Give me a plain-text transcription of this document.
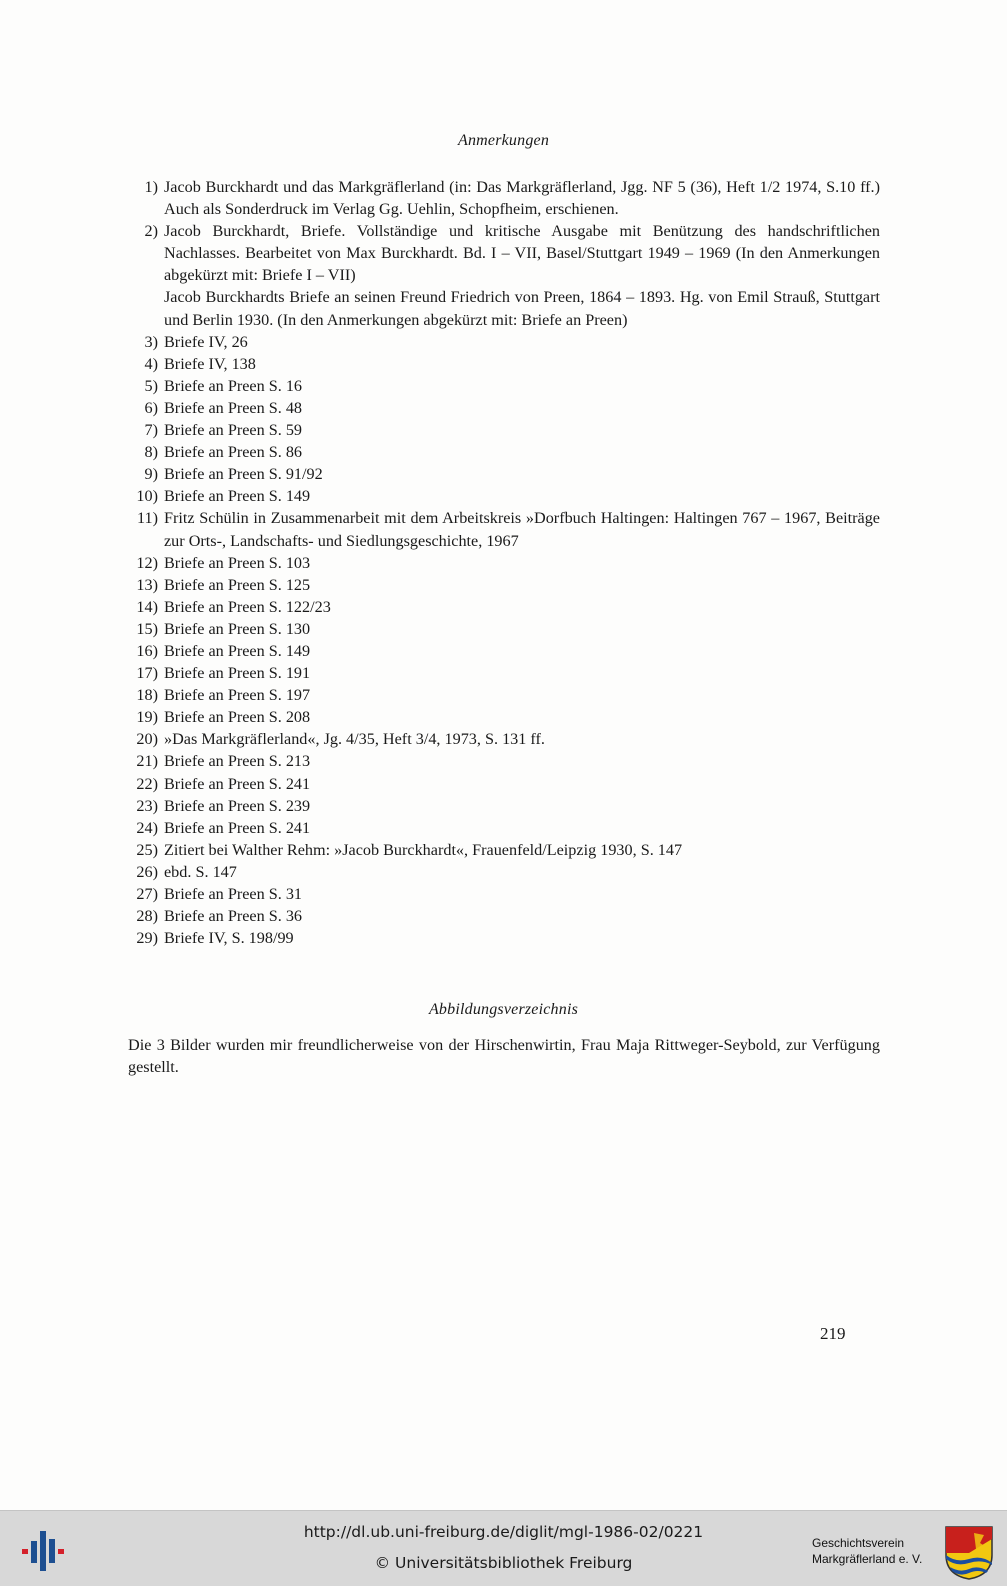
Anmerkungen
1) Jacob Burckhardt und das Markgräflerland (in: Das Markgräflerland, Jgg. NF 5 (36), Heft 1/2 1974, S.10 ff.) Auch als Sonderdruck im Verlag Gg. Uehlin, Schopfheim, erschienen.
2) Jacob Burckhardt, Briefe. Vollständige und kritische Ausgabe mit Benützung des handschriftlichen Nachlasses. Bearbeitet von Max Burckhardt. Bd. I – VII, Basel/Stuttgart 1949 – 1969 (In den Anmerkungen abgekürzt mit: Briefe I – VII)
Jacob Burckhardts Briefe an seinen Freund Friedrich von Preen, 1864 – 1893. Hg. von Emil Strauß, Stuttgart und Berlin 1930. (In den Anmerkungen abgekürzt mit: Briefe an Preen)
3) Briefe IV, 26
4) Briefe IV, 138
5) Briefe an Preen S. 16
6) Briefe an Preen S. 48
7) Briefe an Preen S. 59
8) Briefe an Preen S. 86
9) Briefe an Preen S. 91/92
10) Briefe an Preen S. 149
11) Fritz Schülin in Zusammenarbeit mit dem Arbeitskreis »Dorfbuch Haltingen: Haltingen 767 – 1967, Beiträge zur Orts-, Landschafts- und Siedlungsgeschichte, 1967
12) Briefe an Preen S. 103
13) Briefe an Preen S. 125
14) Briefe an Preen S. 122/23
15) Briefe an Preen S. 130
16) Briefe an Preen S. 149
17) Briefe an Preen S. 191
18) Briefe an Preen S. 197
19) Briefe an Preen S. 208
20) »Das Markgräflerland«, Jg. 4/35, Heft 3/4, 1973, S. 131 ff.
21) Briefe an Preen S. 213
22) Briefe an Preen S. 241
23) Briefe an Preen S. 239
24) Briefe an Preen S. 241
25) Zitiert bei Walther Rehm: »Jacob Burckhardt«, Frauenfeld/Leipzig 1930, S. 147
26) ebd. S. 147
27) Briefe an Preen S. 31
28) Briefe an Preen S. 36
29) Briefe IV, S. 198/99
Abbildungsverzeichnis
Die 3 Bilder wurden mir freundlicherweise von der Hirschenwirtin, Frau Maja Rittweger-Seybold, zur Verfügung gestellt.
219
http://dl.ub.uni-freiburg.de/diglit/mgl-1986-02/0221
© Universitätsbibliothek Freiburg
Geschichtsverein
Markgräflerland e. V.
